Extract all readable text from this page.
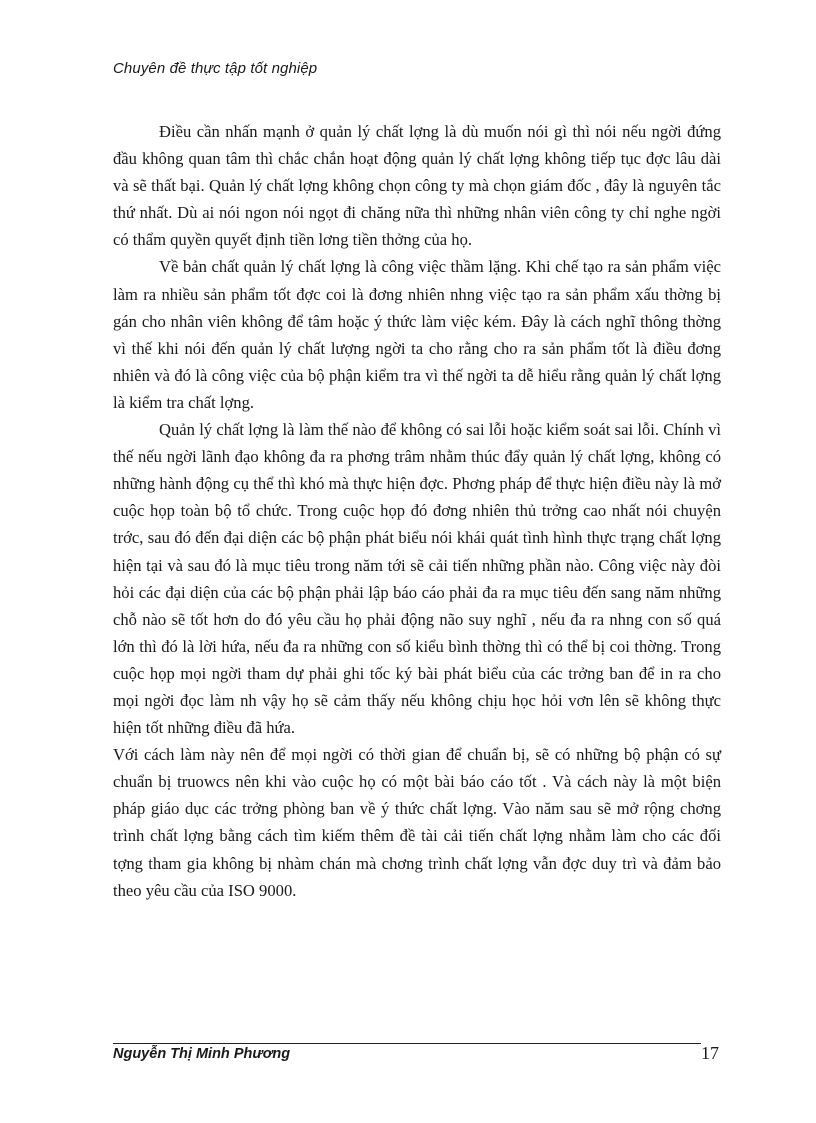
Chuyên đề thực tập tốt nghiệp

Điều cần nhấn mạnh ở quản lý chất lợng là dù muốn nói gì thì nói nếu ngời đứng đầu không quan tâm thì chắc chắn hoạt động quản lý chất lợng không tiếp tục đợc lâu dài và sẽ thất bại. Quản lý chất lợng không chọn công ty mà chọn giám đốc , đây là nguyên tắc thứ nhất. Dù ai nói ngon nói ngọt đi chăng nữa thì những nhân viên công ty chỉ nghe ngời có thẩm quyền quyết định tiền lơng tiền thởng của họ.

Về bản chất quản lý chất lợng là công việc thầm lặng. Khi chế tạo ra sản phẩm việc làm ra nhiều sản phẩm tốt đợc coi là đơng nhiên nhng việc tạo ra sản phẩm xấu thờng bị gán cho nhân viên không để tâm hoặc ý thức làm việc kém. Đây là cách nghĩ thông thờng vì thế khi nói đến quản lý chất lượng ngời ta cho rằng cho ra sản phẩm tốt là điều đơng nhiên và đó là công việc của bộ phận kiểm tra vì thế ngời ta dễ hiểu rằng quản lý chất lợng là kiểm tra chất lợng.

Quản lý chất lợng là làm thế nào để không có sai lỗi hoặc kiểm soát sai lỗi. Chính vì thế nếu ngời lãnh đạo không đa ra phơng trâm nhằm thúc đẩy quản lý chất lợng, không có những hành động cụ thể thì khó mà thực hiện đợc. Phơng pháp để thực hiện điều này là mở cuộc họp toàn bộ tổ chức. Trong cuộc họp đó đơng nhiên thủ trởng cao nhất nói chuyện trớc, sau đó đến đại diện các bộ phận phát biểu nói khái quát tình hình thực trạng chất lợng hiện tại và sau đó là mục tiêu trong năm tới sẽ cải tiến những phần nào. Công việc này đòi hỏi các đại diện của các bộ phận phải lập báo cáo phải đa ra mục tiêu đến sang năm những chỗ nào sẽ tốt hơn do đó yêu cầu họ phải động não suy nghĩ , nếu đa ra nhng con số quá lớn thì đó là lời hứa, nếu đa ra những con số kiểu bình thờng thì có thể bị coi thờng. Trong cuộc họp mọi ngời tham dự phải ghi tốc ký bài phát biểu của các trởng ban để in ra cho mọi ngời đọc làm nh vậy họ sẽ cảm thấy nếu không chịu học hỏi vơn lên sẽ không thực hiện tốt những điều đã hứa.

Với cách làm này nên để mọi ngời có thời gian để chuẩn bị, sẽ có những bộ phận có sự chuẩn bị truowcs nên khi vào cuộc họ có một bài báo cáo tốt . Và cách này là một biện pháp giáo dục các trởng phòng ban về ý thức chất lợng. Vào năm sau sẽ mở rộng chơng trình chất lợng bằng cách tìm kiếm thêm đề tài cải tiến chất lợng nhằm làm cho các đối tợng tham gia không bị nhàm chán mà chơng trình chất lợng vẫn đợc duy trì và đảm bảo theo yêu cầu của ISO 9000.

Nguyễn Thị Minh Phương	17
